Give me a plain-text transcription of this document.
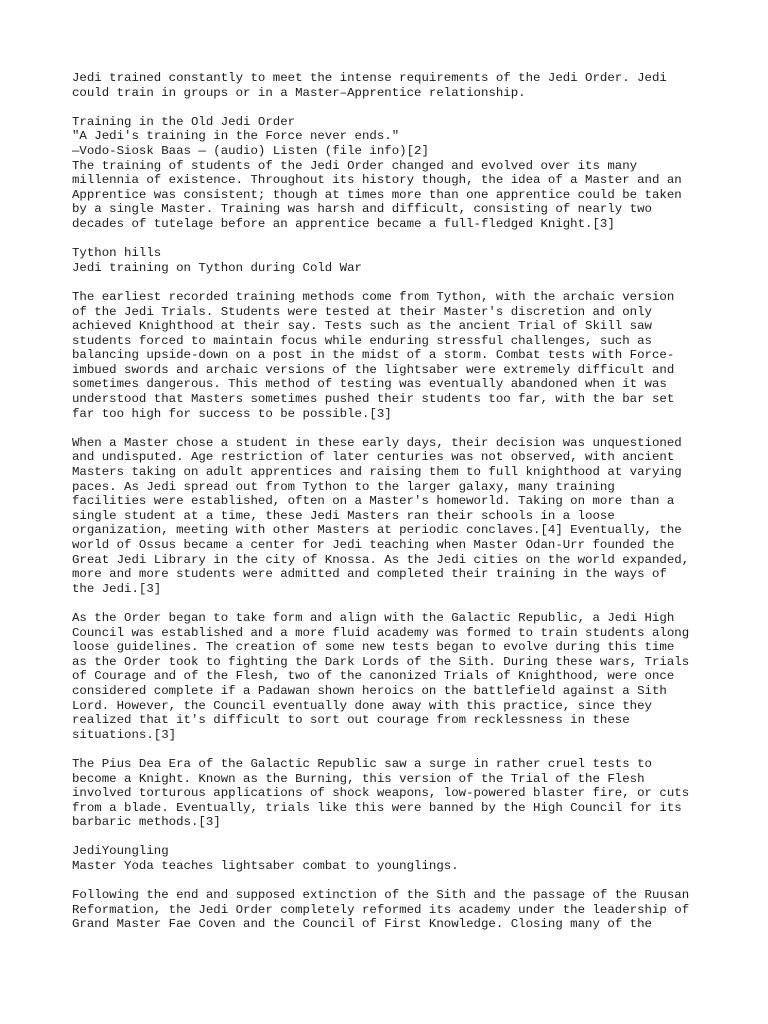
Jedi trained constantly to meet the intense requirements of the Jedi Order. Jedi
could train in groups or in a Master–Apprentice relationship.
Training in the Old Jedi Order
"A Jedi's training in the Force never ends."
—Vodo-Siosk Baas — (audio) Listen (file info)[2]
The training of students of the Jedi Order changed and evolved over its many
millennia of existence. Throughout its history though, the idea of a Master and an
Apprentice was consistent; though at times more than one apprentice could be taken
by a single Master. Training was harsh and difficult, consisting of nearly two
decades of tutelage before an apprentice became a full-fledged Knight.[3]
Tython hills
Jedi training on Tython during Cold War
The earliest recorded training methods come from Tython, with the archaic version
of the Jedi Trials. Students were tested at their Master's discretion and only
achieved Knighthood at their say. Tests such as the ancient Trial of Skill saw
students forced to maintain focus while enduring stressful challenges, such as
balancing upside-down on a post in the midst of a storm. Combat tests with Force-
imbued swords and archaic versions of the lightsaber were extremely difficult and
sometimes dangerous. This method of testing was eventually abandoned when it was
understood that Masters sometimes pushed their students too far, with the bar set
far too high for success to be possible.[3]
When a Master chose a student in these early days, their decision was unquestioned
and undisputed. Age restriction of later centuries was not observed, with ancient
Masters taking on adult apprentices and raising them to full knighthood at varying
paces. As Jedi spread out from Tython to the larger galaxy, many training
facilities were established, often on a Master's homeworld. Taking on more than a
single student at a time, these Jedi Masters ran their schools in a loose
organization, meeting with other Masters at periodic conclaves.[4] Eventually, the
world of Ossus became a center for Jedi teaching when Master Odan-Urr founded the
Great Jedi Library in the city of Knossa. As the Jedi cities on the world expanded,
more and more students were admitted and completed their training in the ways of
the Jedi.[3]
As the Order began to take form and align with the Galactic Republic, a Jedi High
Council was established and a more fluid academy was formed to train students along
loose guidelines. The creation of some new tests began to evolve during this time
as the Order took to fighting the Dark Lords of the Sith. During these wars, Trials
of Courage and of the Flesh, two of the canonized Trials of Knighthood, were once
considered complete if a Padawan shown heroics on the battlefield against a Sith
Lord. However, the Council eventually done away with this practice, since they
realized that it's difficult to sort out courage from recklessness in these
situations.[3]
The Pius Dea Era of the Galactic Republic saw a surge in rather cruel tests to
become a Knight. Known as the Burning, this version of the Trial of the Flesh
involved torturous applications of shock weapons, low-powered blaster fire, or cuts
from a blade. Eventually, trials like this were banned by the High Council for its
barbaric methods.[3]
JediYoungling
Master Yoda teaches lightsaber combat to younglings.
Following the end and supposed extinction of the Sith and the passage of the Ruusan
Reformation, the Jedi Order completely reformed its academy under the leadership of
Grand Master Fae Coven and the Council of First Knowledge. Closing many of the
